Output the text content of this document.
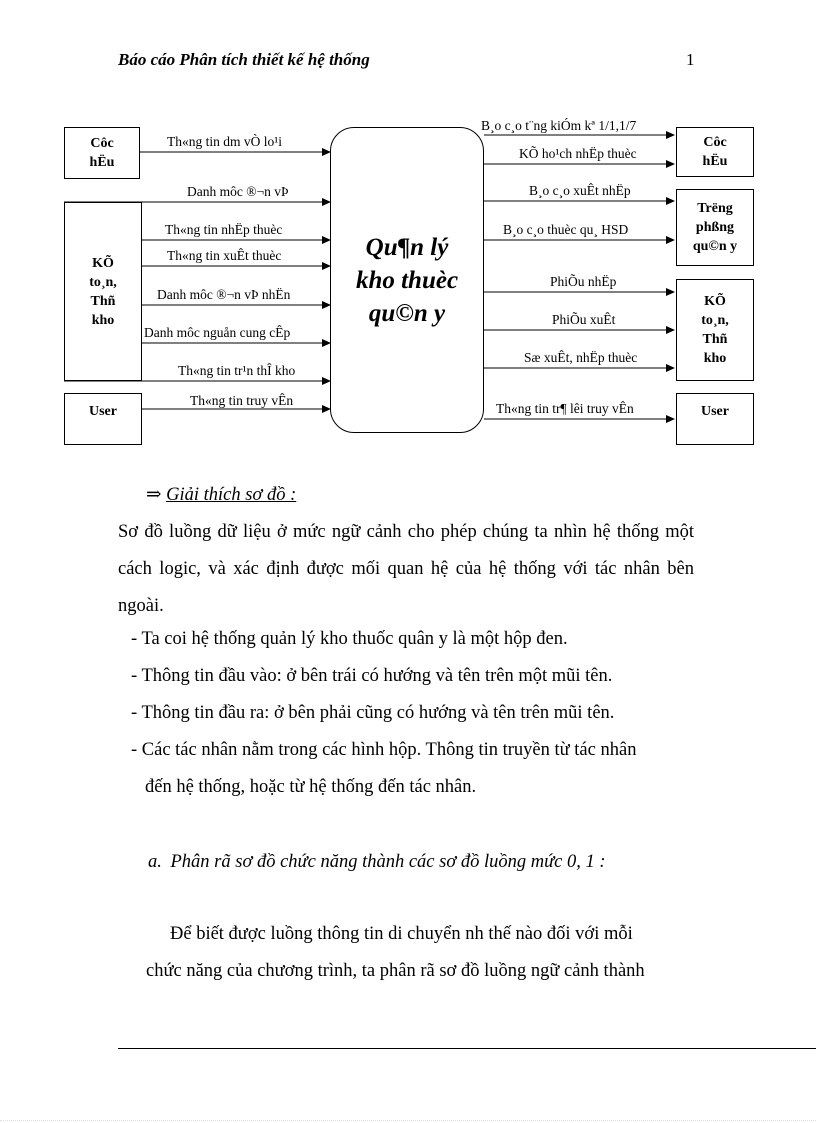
Báo cáo Phân tích thiết kế hệ thống	1
Côc
hËu
KÕ
to¸n,
Thñ
kho
User
Qu¶n lý
kho thuèc
qu©n y
Côc
hËu
Trëng
phßng
qu©n y
KÕ
to¸n,
Thñ
kho
User
Th«ng tin dm vÒ lo¹i
Danh môc ®¬n vÞ
Th«ng tin nhËp thuèc
Th«ng tin xuÊt thuèc
Danh môc ®¬n vÞ nhËn
Danh môc nguån cung cÊp
Th«ng tin tr¹n thÎ kho
Th«ng tin truy vÊn
B¸o c¸o t¨ng kiÓm kª 1/1,1/7
KÕ ho¹ch nhËp thuèc
B¸o c¸o xuÊt nhËp
B¸o c¸o thuèc qu¸ HSD
PhiÕu nhËp
PhiÕu xuÊt
Sæ xuÊt, nhËp thuèc
Th«ng tin tr¶ lêi truy vÊn
⇒ Giải thích sơ đồ :
Sơ đồ luồng dữ liệu ở mức ngữ cảnh cho phép chúng ta nhìn hệ thống một cách logic, và xác định được mối quan hệ của hệ thống với tác nhân bên ngoài.
- Ta coi hệ thống quản lý kho thuốc quân y là một hộp đen.
- Thông tin đầu vào: ở bên trái có hướng và tên trên một mũi tên.
- Thông tin đầu ra: ở bên phải cũng có hướng và tên trên mũi tên.
- Các tác nhân nằm trong các hình hộp. Thông tin truyền từ tác nhân
đến hệ thống, hoặc từ hệ thống đến tác nhân.
a. Phân rã sơ đồ chức năng thành các sơ đồ luồng mức 0, 1 :
Để biết được luồng thông tin di chuyển nh thế nào đối với mỗi
chức năng của chương trình, ta phân rã sơ đồ luồng ngữ cảnh thành
